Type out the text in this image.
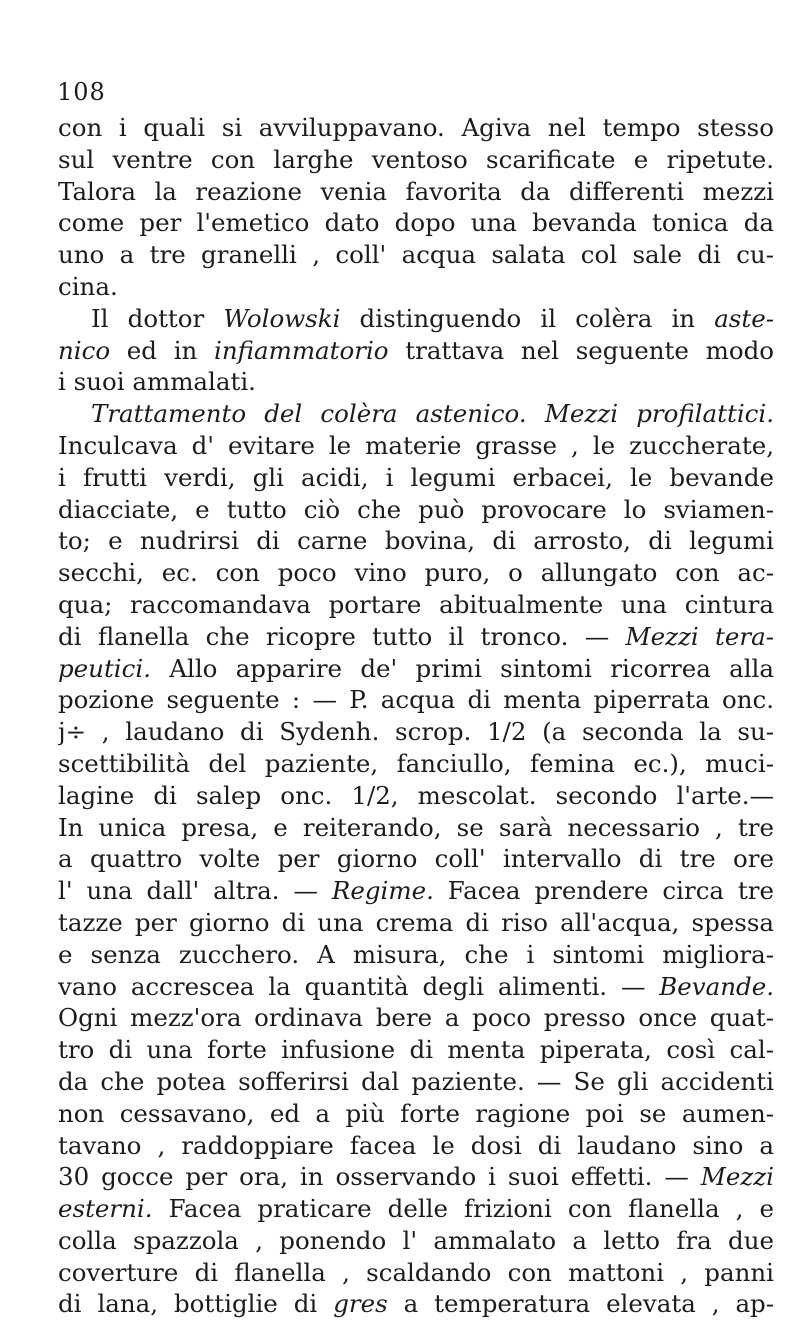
108
con i quali si avviluppavano. Agiva nel tempo stesso
sul ventre con larghe ventoso scarificate e ripetute.
Talora la reazione venia favorita da differenti mezzi
come per l'emetico dato dopo una bevanda tonica da
uno a tre granelli , coll' acqua salata col sale di cu-
cina.
Il dottor Wolowski distinguendo il colèra in aste-
nico ed in infiammatorio trattava nel seguente modo
i suoi ammalati.
Trattamento del colèra astenico. Mezzi profilattici.
Inculcava d' evitare le materie grasse , le zuccherate,
i frutti verdi, gli acidi, i legumi erbacei, le bevande
diacciate, e tutto ciò che può provocare lo sviamen-
to; e nudrirsi di carne bovina, di arrosto, di legumi
secchi, ec. con poco vino puro, o allungato con ac-
qua; raccomandava portare abitualmente una cintura
di flanella che ricopre tutto il tronco. — Mezzi tera-
peutici. Allo apparire de' primi sintomi ricorrea alla
pozione seguente : — P. acqua di menta piperrata onc.
j÷ , laudano di Sydenh. scrop. 1/2 (a seconda la su-
scettibilità del paziente, fanciullo, femina ec.), muci-
lagine di salep onc. 1/2, mescolat. secondo l'arte.—
In unica presa, e reiterando, se sarà necessario , tre
a quattro volte per giorno coll' intervallo di tre ore
l' una dall' altra. — Regime. Facea prendere circa tre
tazze per giorno di una crema di riso all'acqua, spessa
e senza zucchero. A misura, che i sintomi migliora-
vano accrescea la quantità degli alimenti. — Bevande.
Ogni mezz'ora ordinava bere a poco presso once quat-
tro di una forte infusione di menta piperata, così cal-
da che potea sofferirsi dal paziente. — Se gli accidenti
non cessavano, ed a più forte ragione poi se aumen-
tavano , raddoppiare facea le dosi di laudano sino a
30 gocce per ora, in osservando i suoi effetti. — Mezzi
esterni. Facea praticare delle frizioni con flanella , e
colla spazzola , ponendo l' ammalato a letto fra due
coverture di flanella , scaldando con mattoni , panni
di lana, bottiglie di gres a temperatura elevata , ap-
